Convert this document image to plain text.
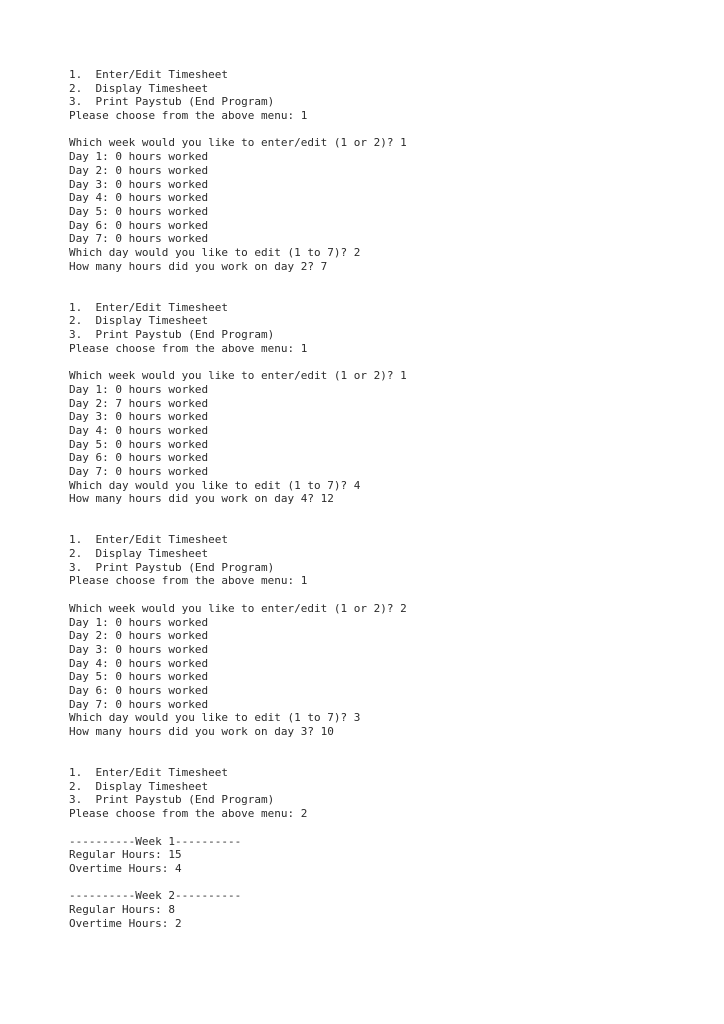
1.  Enter/Edit Timesheet
2.  Display Timesheet
3.  Print Paystub (End Program)
Please choose from the above menu: 1
Which week would you like to enter/edit (1 or 2)? 1
Day 1: 0 hours worked
Day 2: 0 hours worked
Day 3: 0 hours worked
Day 4: 0 hours worked
Day 5: 0 hours worked
Day 6: 0 hours worked
Day 7: 0 hours worked
Which day would you like to edit (1 to 7)? 2
How many hours did you work on day 2? 7
1.  Enter/Edit Timesheet
2.  Display Timesheet
3.  Print Paystub (End Program)
Please choose from the above menu: 1
Which week would you like to enter/edit (1 or 2)? 1
Day 1: 0 hours worked
Day 2: 7 hours worked
Day 3: 0 hours worked
Day 4: 0 hours worked
Day 5: 0 hours worked
Day 6: 0 hours worked
Day 7: 0 hours worked
Which day would you like to edit (1 to 7)? 4
How many hours did you work on day 4? 12
1.  Enter/Edit Timesheet
2.  Display Timesheet
3.  Print Paystub (End Program)
Please choose from the above menu: 1
Which week would you like to enter/edit (1 or 2)? 2
Day 1: 0 hours worked
Day 2: 0 hours worked
Day 3: 0 hours worked
Day 4: 0 hours worked
Day 5: 0 hours worked
Day 6: 0 hours worked
Day 7: 0 hours worked
Which day would you like to edit (1 to 7)? 3
How many hours did you work on day 3? 10
1.  Enter/Edit Timesheet
2.  Display Timesheet
3.  Print Paystub (End Program)
Please choose from the above menu: 2
----------Week 1----------
Regular Hours: 15
Overtime Hours: 4
----------Week 2----------
Regular Hours: 8
Overtime Hours: 2
